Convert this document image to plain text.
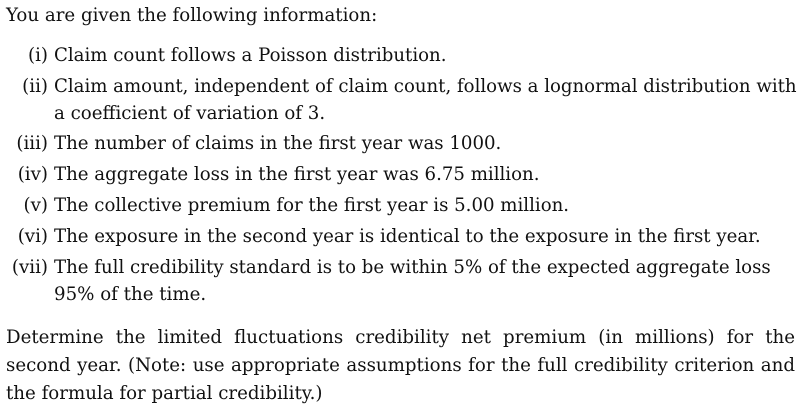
You are given the following information:
(i) Claim count follows a Poisson distribution.
(ii) Claim amount, independent of claim count, follows a lognormal distribution with
a coefficient of variation of 3.
(iii) The number of claims in the first year was 1000.
(iv) The aggregate loss in the first year was 6.75 million.
(v) The collective premium for the first year is 5.00 million.
(vi) The exposure in the second year is identical to the exposure in the first year.
(vii) The full credibility standard is to be within 5% of the expected aggregate loss
95% of the time.
Determine the limited fluctuations credibility net premium (in millions) for the second year. (Note: use appropriate assumptions for the full credibility criterion and the formula for partial credibility.)
